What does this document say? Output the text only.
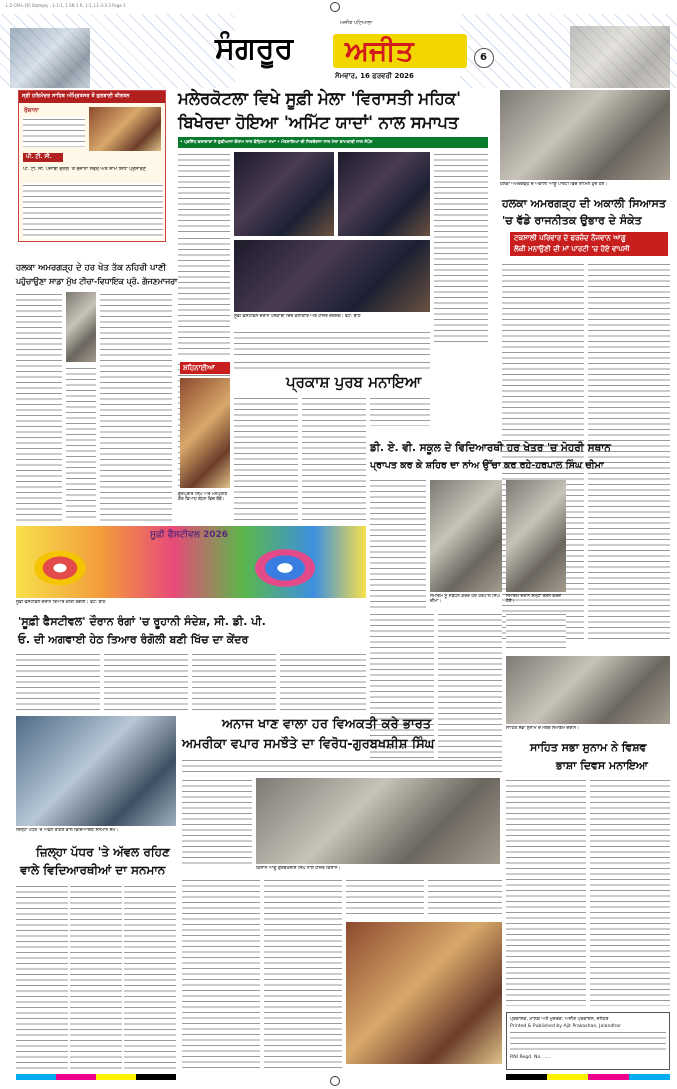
L-2-CM-L-[6] Stateply , 1-1-1, 1 SN 1 R, 1-1, L1-3-3-3 Page 1
ਸੰਗਰੂਰ ਅਜੀਤ
ਅਜੀਤ ਪਟਿਆਲਾ
ਸੋਮਵਾਰ, 16 ਫਰਵਰੀ 2026
6
ਸ੍ਰੀ ਹਰਿਮੰਦਰ ਸਾਹਿਬ ਅੰਮ੍ਰਿਤਸਰ ਤੋਂ ਗੁਰਬਾਣੀ ਕੀਰਤਨ
ਰੋਜ਼ਾਨਾ
ਪੀ. ਟੀ. ਸੀ.
ਪੀ. ਟੀ. ਸੀ. ਪੰਜਾਬੀ ਚੈਨਲ 'ਤੇ ਰੋਜ਼ਾਨਾ ਸਵੇਰੇ ਅਤੇ ਸ਼ਾਮ ਸਿੱਧਾ ਪ੍ਰਸਾਰਣ
ਮਲੇਰਕੋਟਲਾ ਵਿਖੇ ਸੂਫ਼ੀ ਮੇਲਾ 'ਵਿਰਾਸਤੀ ਮਹਿਕ'
ਬਿਖੇਰਦਾ ਹੋਇਆ 'ਅਮਿੱਟ ਯਾਦਾਂ' ਨਾਲ ਸਮਾਪਤ
• ਪ੍ਰਸਿੱਧ ਕਲਾਕਾਰਾਂ ਨੇ ਸੂਫ਼ੀਆਨਾ ਕੋਲਾਮ ਨਾਲ ਬੰਨ੍ਹਿਆ ਸਮਾਂ • ਮੰਤਰਾਲਿਆਂ ਦੀ ਨਿਰਦੇਸ਼ਨਾ ਨਾਲ ਮੇਲਾ ਕਾਮਯਾਬੀ ਨਾਲ ਸੰਪੰਨ
ਸੂਫ਼ੀ ਫੈਸਟੀਵਲ ਦੌਰਾਨ ਪੇਸ਼ਕਾਰੀ ਦਿੰਦੇ ਕਲਾਕਾਰ ਅਤੇ ਹਾਜ਼ਰ ਦਰਸ਼ਕ। ਫੋਟੋ: ਬਾਠ
ਹਲਕਾ ਅਮਰਗੜ੍ਹ ਦੇ ਅਕਾਲੀ ਆਗੂ ਪਾਰਟੀ ਵਿਚ ਸ਼ਾਮਿਲ ਹੁੰਦੇ ਹੋਏ।
ਹਲਕਾ ਅਮਰਗੜ੍ਹ ਦੀ ਅਕਾਲੀ ਸਿਆਸਤ
'ਚ ਵੱਡੇ ਰਾਜਨੀਤਕ ਉਭਾਰ ਦੇ ਸੰਕੇਤ
ਟਕਸਾਲੀ ਪਰਿਵਾਰ ਦੇ ਫਰਜ਼ੰਦ ਨੌਜਵਾਨ ਆਗੂ
ਲੋਕੀ ਮਨਾਉਣੀ ਦੀ ਮਾਂ ਪਾਰਟੀ 'ਚ ਹੋਏ ਵਾਪਸੀ
ਹਲਕਾ ਅਮਰਗੜ੍ਹ ਦੇ ਹਰ ਖੇਤ ਤੱਕ ਨਹਿਰੀ ਪਾਣੀ
ਪਹੁੰਚਾਉਣਾ ਸਾਡਾ ਮੁੱਖ ਟੀਚਾ-ਵਿਧਾਇਕ ਪ੍ਰੋ. ਗੱਜਣਮਾਜਰਾ
ਸ਼ਹਿਨਾਈਆਂ
ਗੁਰਪ੍ਰੀਤ ਸਿੰਘ ਅਤੇ ਮਨਪ੍ਰੀਤ ਕੌਰ ਵਿਆਹ ਬੰਧਨ ਵਿਚ ਬੱਝੇ।
ਪ੍ਰਕਾਸ਼ ਪੁਰਬ ਮਨਾਇਆ
ਡੀ. ਏ. ਵੀ. ਸਕੂਲ ਦੇ ਵਿਦਿਆਰਥੀ ਹਰ ਖੇਤਰ 'ਚ ਮੋਹਰੀ ਸਥਾਨ
ਪ੍ਰਾਪਤ ਕਰ ਕੇ ਸ਼ਹਿਰ ਦਾ ਨਾਂਅ ਉੱਚਾ ਕਰ ਰਹੇ-ਹਰਪਾਲ ਸਿੰਘ ਚੀਮਾ
ਸਮਾਗਮ ਨੂੰ ਸੰਬੋਧਨ ਕਰਦੇ ਹੋਏ ਹਰਪਾਲ ਸਿੰਘ ਚੀਮਾ।
ਸਮਾਗਮ ਦੌਰਾਨ ਸ਼ਮ੍ਹਾ ਰੌਸ਼ਨ ਕਰਦੇ ਹੋਏ।
ਸੂਫ਼ੀ ਫੈਸਟੀਵਲ 2026
ਸੂਫ਼ੀ ਫੈਸਟੀਵਲ ਦੌਰਾਨ ਤਿਆਰ ਕੀਤੀ ਰੰਗੋਲੀ। ਫੋਟੋ: ਬਾਠ
'ਸੂਫ਼ੀ ਫੈਸਟੀਵਲ' ਦੌਰਾਨ ਰੰਗਾਂ 'ਚ ਰੂਹਾਨੀ ਸੰਦੇਸ਼, ਸੀ. ਡੀ. ਪੀ.
ਓ. ਦੀ ਅਗਵਾਈ ਹੇਠ ਤਿਆਰ ਰੰਗੋਲੀ ਬਣੀ ਖਿੱਚ ਦਾ ਕੇਂਦਰ
ਅਨਾਜ ਖਾਣ ਵਾਲਾ ਹਰ ਵਿਅਕਤੀ ਕਰੇ ਭਾਰਤ
ਅਮਰੀਕਾ ਵਪਾਰ ਸਮਝੌਤੇ ਦਾ ਵਿਰੋਧ-ਗੁਰਬਖਸ਼ੀਸ਼ ਸਿੰਘ
ਕਿਸਾਨ ਆਗੂ ਗੁਰਬਖਸ਼ੀਸ਼ ਸਿੰਘ ਨਾਲ ਹਾਜ਼ਰ ਕਿਸਾਨ।
ਜ਼ਿਲ੍ਹਾ ਪੱਧਰ 'ਤੇ ਅੱਵਲ ਰਹਿਣ ਵਾਲੇ ਵਿਦਿਆਰਥੀ ਸਨਮਾਨ ਸਮੇਂ।
ਜ਼ਿਲ੍ਹਾ ਪੱਧਰ 'ਤੇ ਅੱਵਲ ਰਹਿਣ
ਵਾਲੇ ਵਿਦਿਆਰਥੀਆਂ ਦਾ ਸਨਮਾਨ
ਸਾਹਿਤ ਸਭਾ ਸੁਨਾਮ ਦੇ ਮੈਂਬਰ ਸਮਾਗਮ ਦੌਰਾਨ।
ਸਾਹਿਤ ਸਭਾ ਸੁਨਾਮ ਨੇ ਵਿਸ਼ਵ
ਭਾਸ਼ਾ ਦਿਵਸ ਮਨਾਇਆ
ਪ੍ਰਕਾਸ਼ਕ, ਮਾਲਕ ਅਤੇ ਮੁਦਰਕ: ਅਜੀਤ ਪ੍ਰਕਾਸ਼ਨ, ਜਲੰਧਰ
Printed & Published by Ajit Prakashan, Jalandhar
RNI Regd. No. .....
